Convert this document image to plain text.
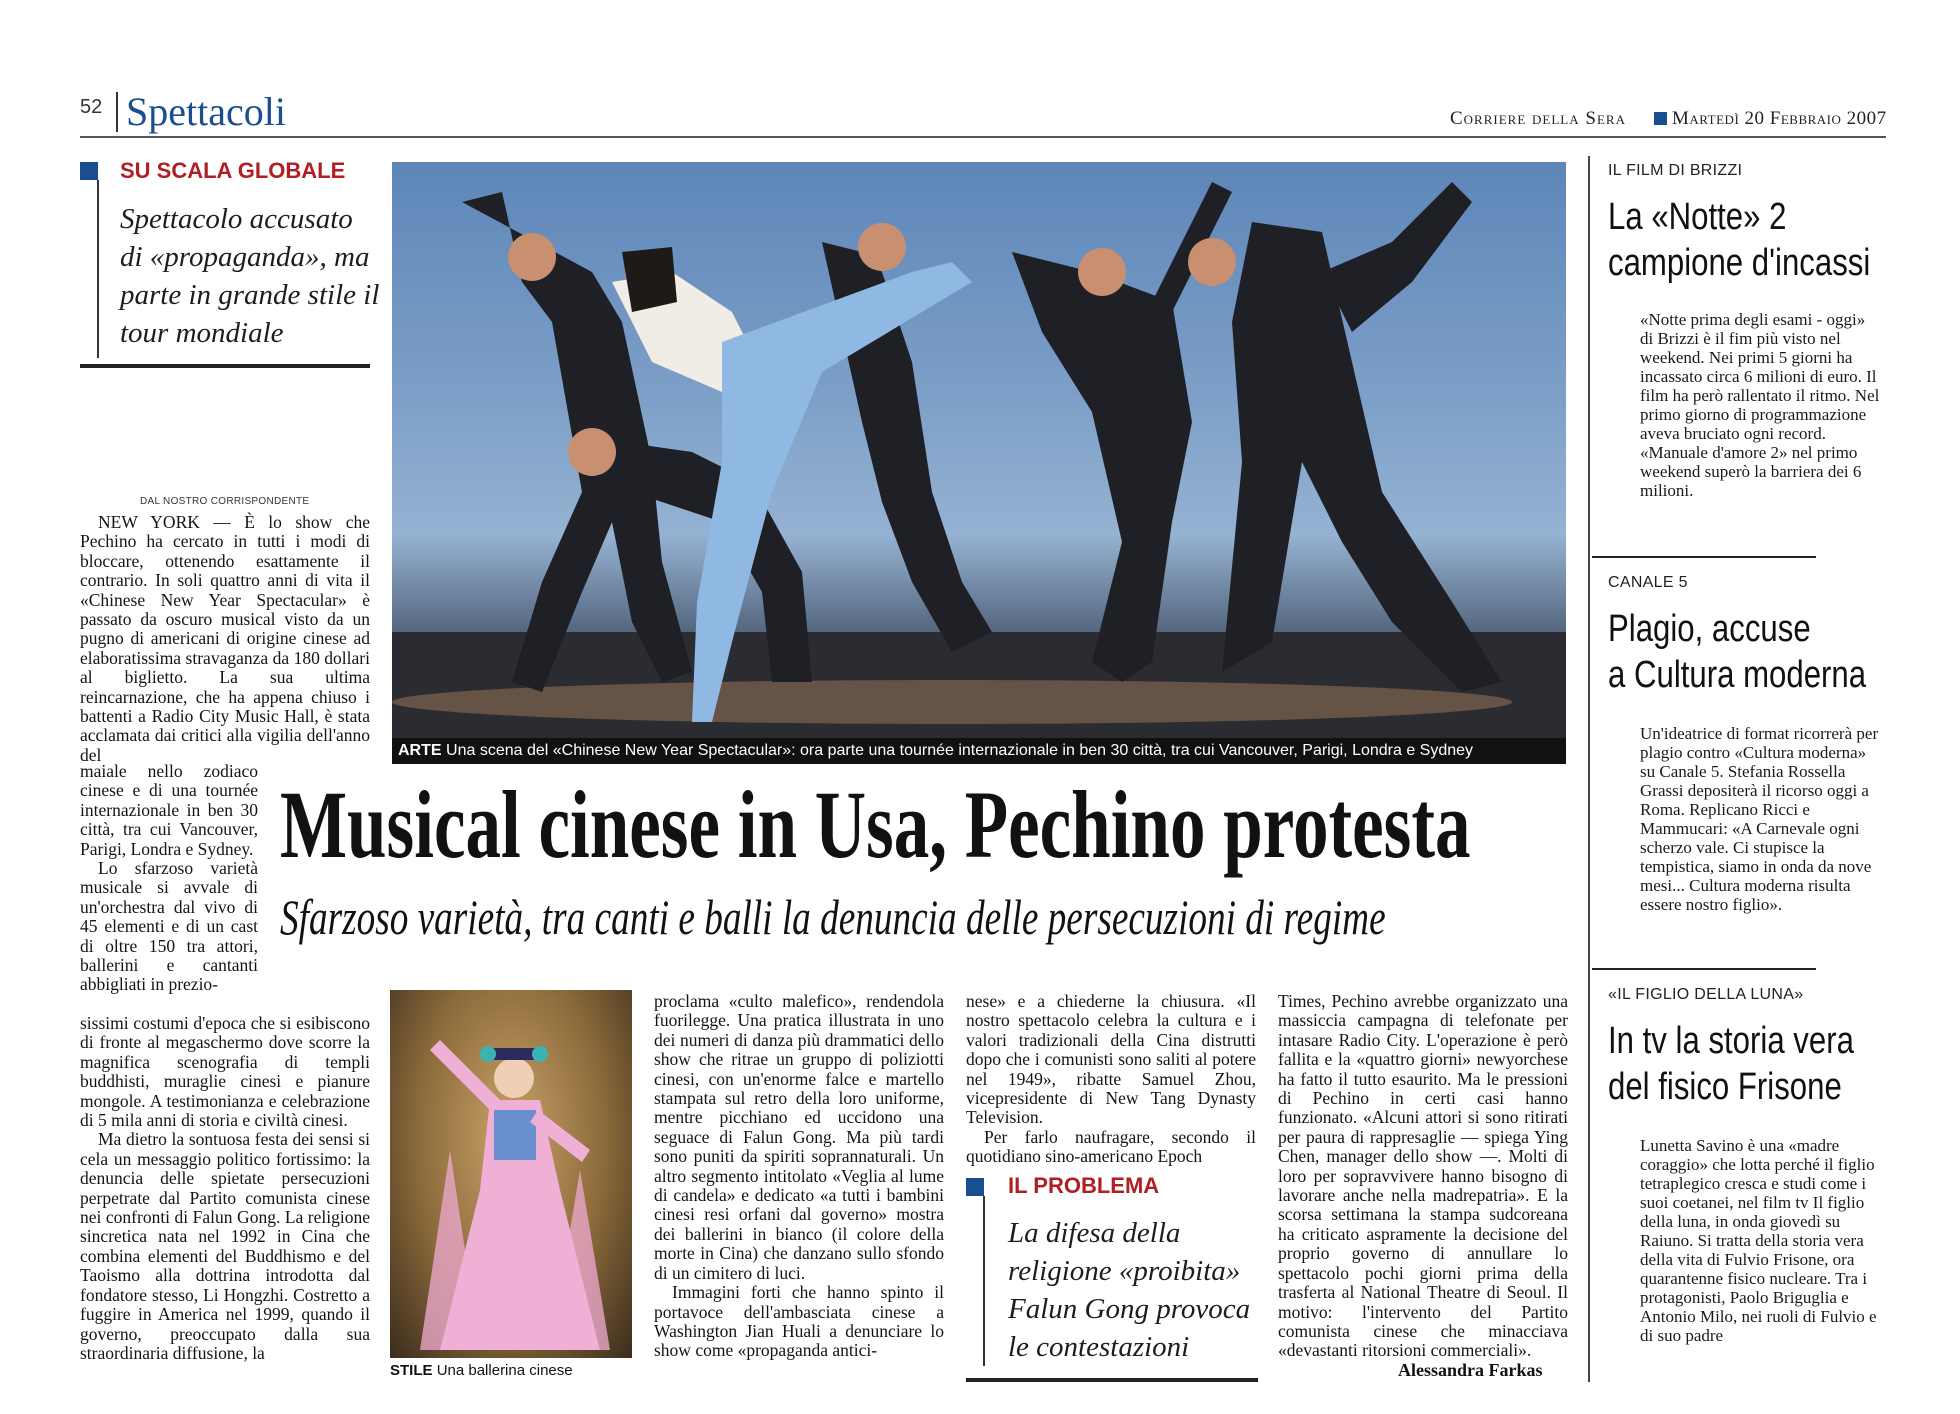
52 Spettacoli	Corriere della Sera Martedì 20 Febbraio 2007
SU SCALA GLOBALE
Spettacolo accusato di «propaganda», ma parte in grande stile il tour mondiale
ARTE Una scena del «Chinese New Year Spectacular»: ora parte una tournée internazionale in ben 30 città, tra cui Vancouver, Parigi, Londra e Sydney
Musical cinese in Usa, Pechino protesta
Sfarzoso varietà, tra canti e balli la denuncia delle persecuzioni di regime
DAL NOSTRO CORRISPONDENTE

NEW YORK — È lo show che Pechino ha cercato in tutti i modi di bloccare, ottenendo esattamente il contrario. In soli quattro anni di vita il «Chinese New Year Spectacular» è passato da oscuro musical visto da un pugno di americani di origine cinese ad elaboratissima stravaganza da 180 dollari al biglietto. La sua ultima reincarnazione, che ha appena chiuso i battenti a Radio City Music Hall, è stata acclamata dai critici alla vigilia dell'anno del

maiale nello zodiaco cinese e di una tournée internazionale in ben 30 città, tra cui Vancouver, Parigi, Londra e Sydney.

Lo sfarzoso varietà musicale si avvale di un'orchestra dal vivo di 45 elementi e di un cast di oltre 150 tra attori, ballerini e cantanti abbigliati in prezio-

sissimi costumi d'epoca che si esibiscono di fronte al megaschermo dove scorre la magnifica scenografia di templi buddhisti, muraglie cinesi e pianure mongole. A testimonianza e celebrazione di 5 mila anni di storia e civiltà cinesi.

Ma dietro la sontuosa festa dei sensi si cela un messaggio politico fortissimo: la denuncia delle spietate persecuzioni perpetrate dal Partito comunista cinese nei confronti di Falun Gong. La religione sincretica nata nel 1992 in Cina che combina elementi del Buddhismo e del Taoismo alla dottrina introdotta dal fondatore stesso, Li Hongzhi. Costretto a fuggire in America nel 1999, quando il governo, preoccupato dalla sua straordinaria diffusione, la

STILE Una ballerina cinese

proclama «culto malefico», rendendola fuorilegge. Una pratica illustrata in uno dei numeri di danza più drammatici dello show che ritrae un gruppo di poliziotti cinesi, con un'enorme falce e martello stampata sul retro della loro uniforme, mentre picchiano ed uccidono una seguace di Falun Gong. Ma più tardi sono puniti da spiriti soprannaturali. Un altro segmento intitolato «Veglia al lume di candela» e dedicato «a tutti i bambini cinesi resi orfani dal governo» mostra dei ballerini in bianco (il colore della morte in Cina) che danzano sullo sfondo di un cimitero di luci.

Immagini forti che hanno spinto il portavoce dell'ambasciata cinese a Washington Jian Huali a denunciare lo show come «propaganda antici-

nese» e a chiederne la chiusura. «Il nostro spettacolo celebra la cultura e i valori tradizionali della Cina distrutti dopo che i comunisti sono saliti al potere nel 1949», ribatte Samuel Zhou, vicepresidente di New Tang Dynasty Television.

Per farlo naufragare, secondo il quotidiano sino-americano Epoch

IL PROBLEMA
La difesa della religione «proibita» Falun Gong provoca le contestazioni

Times, Pechino avrebbe organizzato una massiccia campagna di telefonate per intasare Radio City. L'operazione è però fallita e la «quattro giorni» newyorchese ha fatto il tutto esaurito. Ma le pressioni di Pechino in certi casi hanno funzionato. «Alcuni attori si sono ritirati per paura di rappresaglie — spiega Ying Chen, manager dello show —. Molti di loro per sopravvivere hanno bisogno di lavorare anche nella madrepatria». E la scorsa settimana la stampa sudcoreana ha criticato aspramente la decisione del proprio governo di annullare lo spettacolo pochi giorni prima della trasferta al National Theatre di Seoul. Il motivo: l'intervento del Partito comunista cinese che minacciava «devastanti ritorsioni commerciali».

Alessandra Farkas
IL FILM DI BRIZZI
La «Notte» 2
campione d'incassi
«Notte prima degli esami - oggi» di Brizzi è il fim più visto nel weekend. Nei primi 5 giorni ha incassato circa 6 milioni di euro. Il film ha però rallentato il ritmo. Nel primo giorno di programmazione aveva bruciato ogni record. «Manuale d'amore 2» nel primo weekend superò la barriera dei 6 milioni.
CANALE 5
Plagio, accuse
a Cultura moderna
Un'ideatrice di format ricorrerà per plagio contro «Cultura moderna» su Canale 5. Stefania Rossella Grassi depositerà il ricorso oggi a Roma. Replicano Ricci e Mammucari: «A Carnevale ogni scherzo vale. Ci stupisce la tempistica, siamo in onda da nove mesi... Cultura moderna risulta essere nostro figlio».
«IL FIGLIO DELLA LUNA»
In tv la storia vera
del fisico Frisone
Lunetta Savino è una «madre coraggio» che lotta perché il figlio tetraplegico cresca e studi come i suoi coetanei, nel film tv Il figlio della luna, in onda giovedì su Raiuno. Si tratta della storia vera della vita di Fulvio Frisone, ora quarantenne fisico nucleare. Tra i protagonisti, Paolo Briguglia e Antonio Milo, nei ruoli di Fulvio e di suo padre
